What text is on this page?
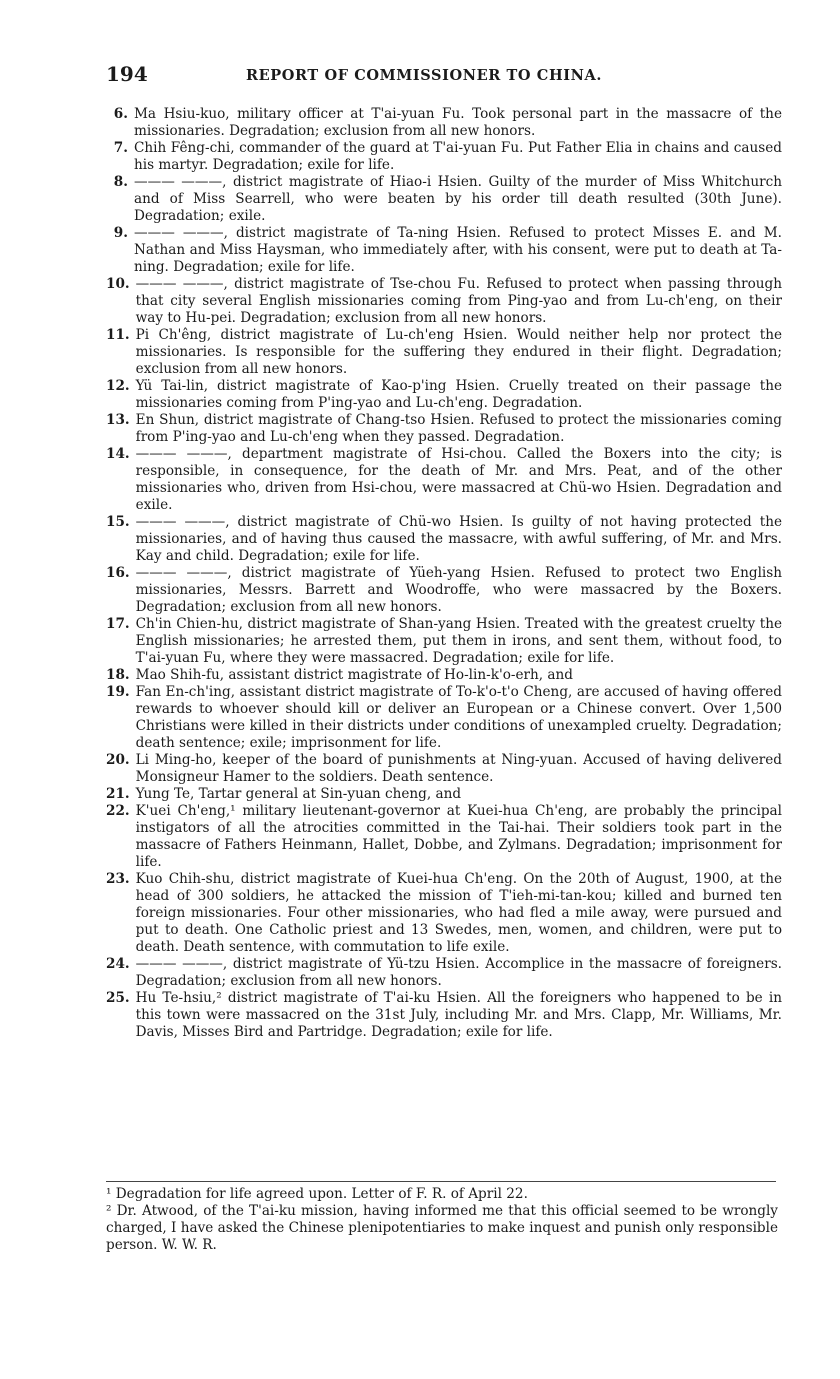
194	REPORT OF COMMISSIONER TO CHINA.
6. Ma Hsiu-kuo, military officer at T'ai-yuan Fu. Took personal part in the massacre of the missionaries. Degradation; exclusion from all new honors.
7. Chih Fêng-chi, commander of the guard at T'ai-yuan Fu. Put Father Elia in chains and caused his martyr. Degradation; exile for life.
8. ——— ———, district magistrate of Hiao-i Hsien. Guilty of the murder of Miss Whitchurch and of Miss Searrell, who were beaten by his order till death resulted (30th June). Degradation; exile.
9. ——— ———, district magistrate of Ta-ning Hsien. Refused to protect Misses E. and M. Nathan and Miss Haysman, who immediately after, with his consent, were put to death at Ta-ning. Degradation; exile for life.
10. ——— ———, district magistrate of Tse-chou Fu. Refused to protect when passing through that city several English missionaries coming from Ping-yao and from Lu-ch'eng, on their way to Hu-pei. Degradation; exclusion from all new honors.
11. Pi Ch'êng, district magistrate of Lu-ch'eng Hsien. Would neither help nor protect the missionaries. Is responsible for the suffering they endured in their flight. Degradation; exclusion from all new honors.
12. Yü Tai-lin, district magistrate of Kao-p'ing Hsien. Cruelly treated on their passage the missionaries coming from P'ing-yao and Lu-ch'eng. Degradation.
13. En Shun, district magistrate of Chang-tso Hsien. Refused to protect the missionaries coming from P'ing-yao and Lu-ch'eng when they passed. Degradation.
14. ——— ———, department magistrate of Hsi-chou. Called the Boxers into the city; is responsible, in consequence, for the death of Mr. and Mrs. Peat, and of the other missionaries who, driven from Hsi-chou, were massacred at Chü-wo Hsien. Degradation and exile.
15. ——— ———, district magistrate of Chü-wo Hsien. Is guilty of not having protected the missionaries, and of having thus caused the massacre, with awful suffering, of Mr. and Mrs. Kay and child. Degradation; exile for life.
16. ——— ———, district magistrate of Yüeh-yang Hsien. Refused to protect two English missionaries, Messrs. Barrett and Woodroffe, who were massacred by the Boxers. Degradation; exclusion from all new honors.
17. Ch'in Chien-hu, district magistrate of Shan-yang Hsien. Treated with the greatest cruelty the English missionaries; he arrested them, put them in irons, and sent them, without food, to T'ai-yuan Fu, where they were massacred. Degradation; exile for life.
18. Mao Shih-fu, assistant district magistrate of Ho-lin-k'o-erh, and
19. Fan En-ch'ing, assistant district magistrate of To-k'o-t'o Cheng, are accused of having offered rewards to whoever should kill or deliver an European or a Chinese convert. Over 1,500 Christians were killed in their districts under conditions of unexampled cruelty. Degradation; death sentence; exile; imprisonment for life.
20. Li Ming-ho, keeper of the board of punishments at Ning-yuan. Accused of having delivered Monsigneur Hamer to the soldiers. Death sentence.
21. Yung Te, Tartar general at Sin-yuan cheng, and
22. K'uei Ch'eng,¹ military lieutenant-governor at Kuei-hua Ch'eng, are probably the principal instigators of all the atrocities committed in the Tai-hai. Their soldiers took part in the massacre of Fathers Heinmann, Hallet, Dobbe, and Zylmans. Degradation; imprisonment for life.
23. Kuo Chih-shu, district magistrate of Kuei-hua Ch'eng. On the 20th of August, 1900, at the head of 300 soldiers, he attacked the mission of T'ieh-mi-tan-kou; killed and burned ten foreign missionaries. Four other missionaries, who had fled a mile away, were pursued and put to death. One Catholic priest and 13 Swedes, men, women, and children, were put to death. Death sentence, with commutation to life exile.
24. ——— ———, district magistrate of Yü-tzu Hsien. Accomplice in the massacre of foreigners. Degradation; exclusion from all new honors.
25. Hu Te-hsiu,² district magistrate of T'ai-ku Hsien. All the foreigners who happened to be in this town were massacred on the 31st July, including Mr. and Mrs. Clapp, Mr. Williams, Mr. Davis, Misses Bird and Partridge. Degradation; exile for life.
¹ Degradation for life agreed upon. Letter of F. R. of April 22.
² Dr. Atwood, of the T'ai-ku mission, having informed me that this official seemed to be wrongly charged, I have asked the Chinese plenipotentiaries to make inquest and punish only responsible person. W. W. R.
